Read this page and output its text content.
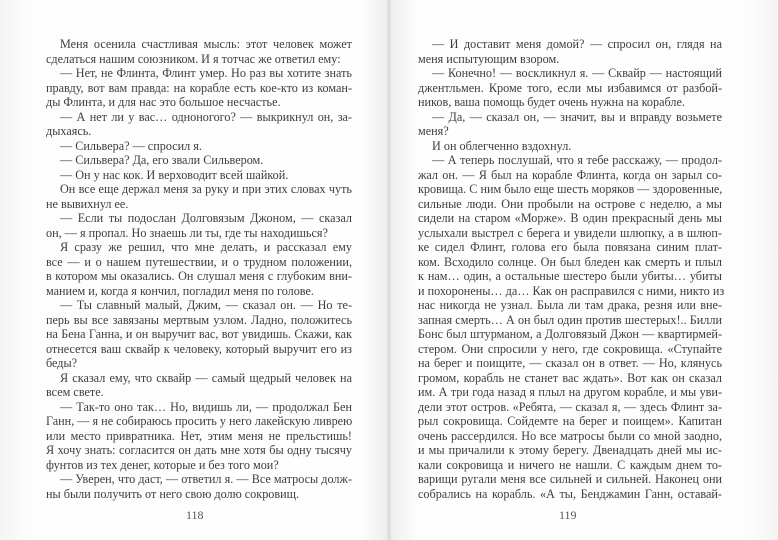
Меня осенила счастливая мысль: этот человек может
сделаться нашим союзником. И я тотчас же ответил ему:
— Нет, не Флинта, Флинт умер. Но раз вы хотите знать
правду, вот вам правда: на корабле есть кое-кто из коман-
ды Флинта, и для нас это большое несчастье.
— А нет ли у вас… одноногого? — выкрикнул он, за-
дыхаясь.
— Сильвера? — спросил я.
— Сильвера? Да, его звали Сильвером.
— Он у нас кок. И верховодит всей шайкой.
Он все еще держал меня за руку и при этих словах чуть
не вывихнул ее.
— Если ты подослан Долговязым Джоном, — сказал
он, — я пропал. Но знаешь ли ты, где ты находишься?
Я сразу же решил, что мне делать, и рассказал ему
все — и о нашем путешествии, и о трудном положении,
в котором мы оказались. Он слушал меня с глубоким вни-
манием и, когда я кончил, погладил меня по голове.
— Ты славный малый, Джим, — сказал он. — Но те-
перь вы все завязаны мертвым узлом. Ладно, положитесь
на Бена Ганна, и он выручит вас, вот увидишь. Скажи, как
отнесется ваш сквайр к человеку, который выручит его из
беды?
Я сказал ему, что сквайр — самый щедрый человек на
всем свете.
— Так-то оно так… Но, видишь ли, — продолжал Бен
Ганн, — я не собираюсь просить у него лакейскую ливрею
или место привратника. Нет, этим меня не прельстишь!
Я хочу знать: согласится он дать мне хотя бы одну тысячу
фунтов из тех денег, которые и без того мои?
— Уверен, что даст, — ответил я. — Все матросы долж-
ны были получить от него свою долю сокровищ.
— И доставит меня домой? — спросил он, глядя на
меня испытующим взором.
— Конечно! — воскликнул я. — Сквайр — настоящий
джентльмен. Кроме того, если мы избавимся от разбой-
ников, ваша помощь будет очень нужна на корабле.
— Да, — сказал он, — значит, вы и вправду возьмете
меня?
И он облегченно вздохнул.
— А теперь послушай, что я тебе расскажу, — продол-
жал он. — Я был на корабле Флинта, когда он зарыл со-
кровища. С ним было еще шесть моряков — здоровенные,
сильные люди. Они пробыли на острове с неделю, а мы
сидели на старом «Морже». В один прекрасный день мы
услыхали выстрел с берега и увидели шлюпку, а в шлюп-
ке сидел Флинт, голова его была повязана синим плат-
ком. Всходило солнце. Он был бледен как смерть и плыл
к нам… один, а остальные шестеро были убиты… убиты
и похоронены… да… Как он расправился с ними, никто из
нас никогда не узнал. Была ли там драка, резня или вне-
запная смерть… А он был один против шестерых!.. Билли
Бонс был штурманом, а Долговязый Джон — квартирмей-
стером. Они спросили у него, где сокровища. «Ступайте
на берег и поищите, — сказал он в ответ. — Но, клянусь
громом, корабль не станет вас ждать». Вот как он сказал
им. А три года назад я плыл на другом корабле, и мы уви-
дели этот остров. «Ребята, — сказал я, — здесь Флинт за-
рыл сокровища. Сойдемте на берег и поищем». Капитан
очень рассердился. Но все матросы были со мной заодно,
и мы причалили к этому берегу. Двенадцать дней мы ис-
кали сокровища и ничего не нашли. С каждым днем то-
варищи ругали меня все сильней и сильней. Наконец они
собрались на корабль. «А ты, Бенджамин Ганн, оставай-
118	119
